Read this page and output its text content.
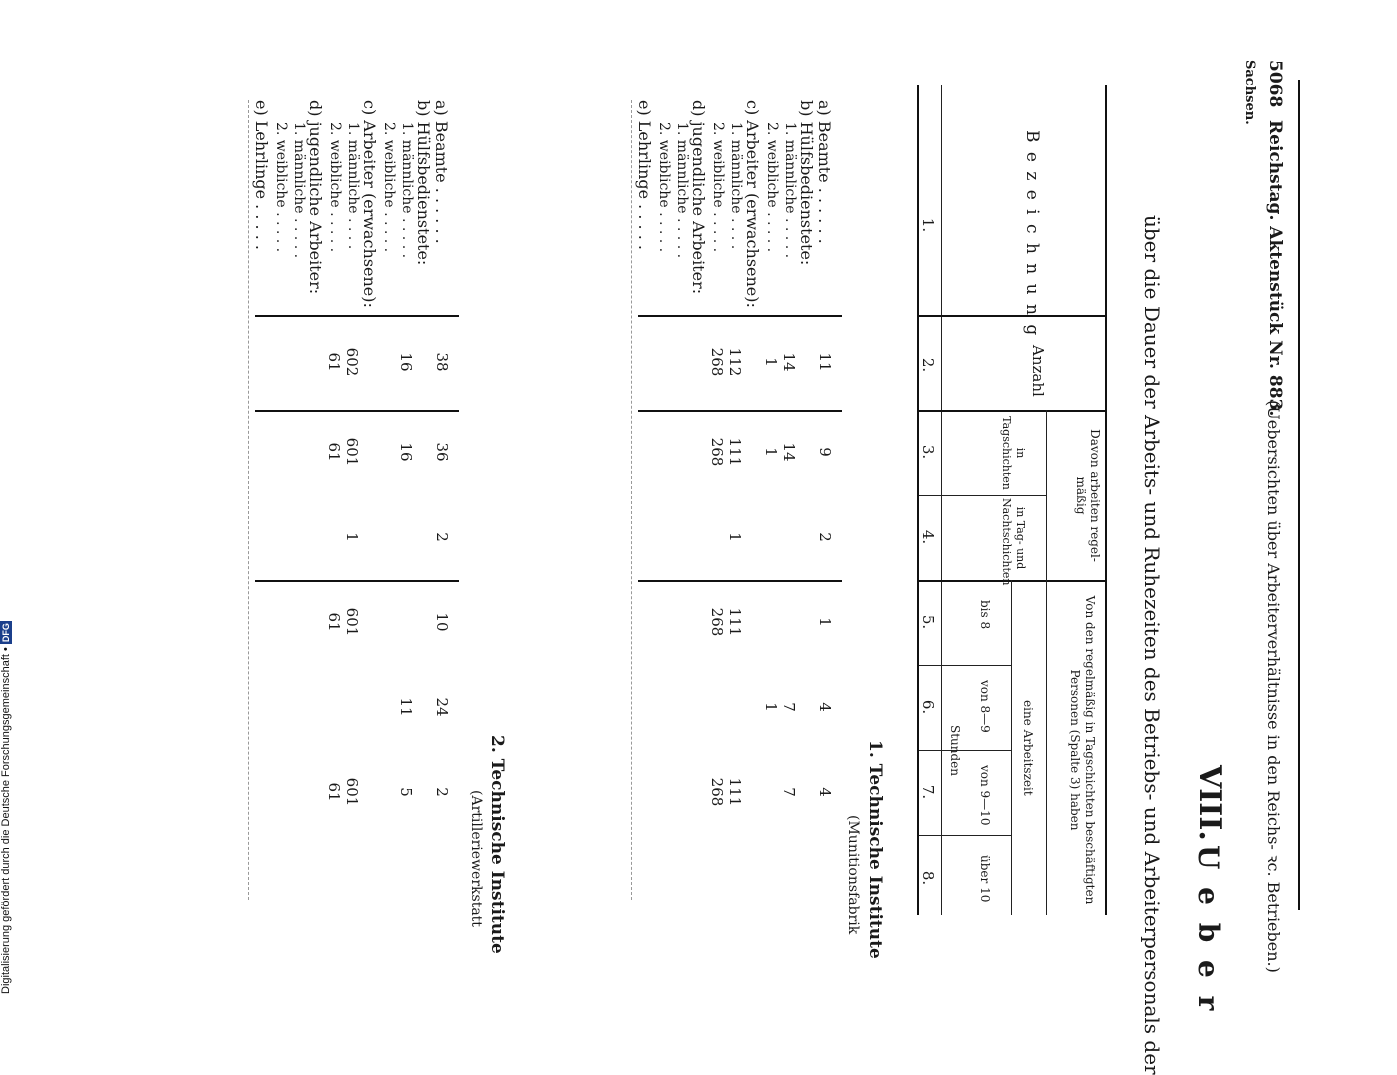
5068
Reichstag. Aktenstück Nr. 883.
(Uebersichten über Arbeiterverhältnisse in den Reichs- ꝛc. Betrieben.)
Sachsen.
VIII.
U e b e r
über die Dauer der Arbeits- und Ruhezeiten des Betriebs- und Arbeiterpersonals der
B e z e i c h n u n g
Anzahl
Davon arbeiten regel-mäßig
in Tagschichten
in Tag- und Nachtschichten
Von den regelmäßig in Tagschichten beschäftigten Personen (Spalte 3) haben
eine Arbeitszeit
bis 8
von 8—9
von 9—10
über 10
Stunden
1.
2.
3.
4.
5.
6.
7.
8.
1. Technische Institute
(Munitionsfabrik
2. Technische Institute
(Artilleriewerkstatt
a) Beamte . . . . . .
11
9
2
1
4
4
b) Hülfsbedienstete:
1. männliche . . . . .
14
14
7
7
2. weibliche . . . . .
1
1
1
c) Arbeiter (erwachsene):
1. männliche . . . .
112
111
1
111
111
2. weibliche . . . . .
268
268
268
268
d) jugendliche Arbeiter:
1. männliche . . . . .
2. weibliche . . . . .
e) Lehrlinge . . . . .
a) Beamte . . . . . .
38
36
2
10
24
2
b) Hülfsbedienstete:
1. männliche . . . . .
16
16
11
5
2. weibliche . . . . .
c) Arbeiter (erwachsene):
1. männliche . . . .
602
601
1
601
601
2. weibliche . . . . .
61
61
61
61
d) jugendliche Arbeiter:
1. männliche . . . . .
2. weibliche . . . . .
e) Lehrlinge . . . . .
Digitalisierung gefördert durch die Deutsche Forschungsgemeinschaft •DFG
